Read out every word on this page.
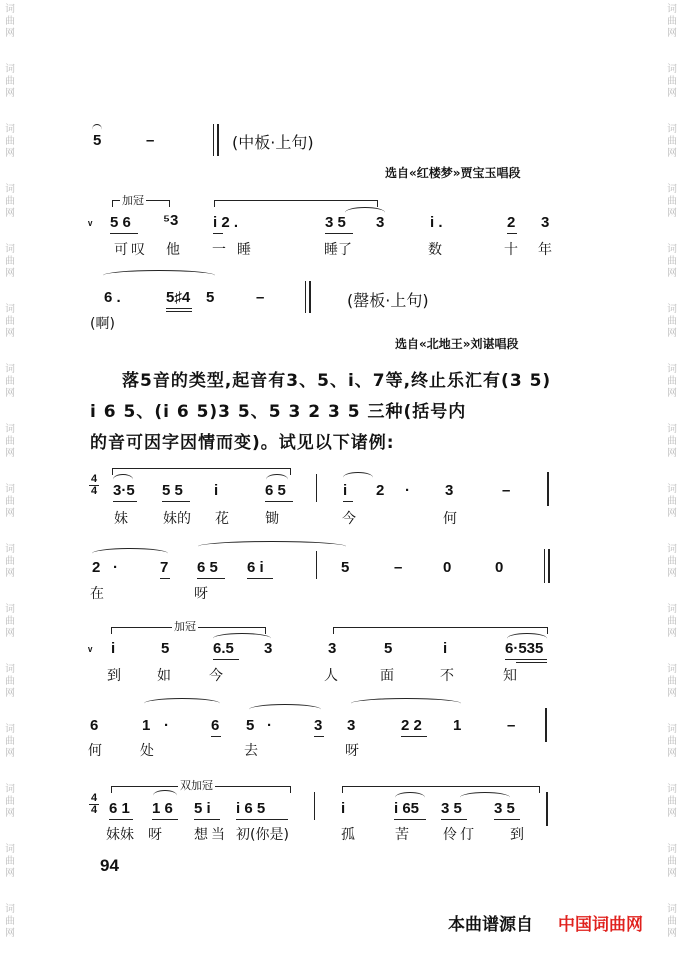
词
曲
网
词
曲
网
词
曲
网
词
曲
网
词
曲
网
词
曲
网
词
曲
网
词
曲
网
词
曲
网
词
曲
网
词
曲
网
词
曲
网
词
曲
网
词
曲
网
词
曲
网
词
曲
网
词
曲
网
词
曲
网
词
曲
网
词
曲
网
词
曲
网
词
曲
网
词
曲
网
词
曲
网
词
曲
网
词
曲
网
词
曲
网
词
曲
网
词
曲
网
词
曲
网
词
曲
网
词
曲
网
5	–	(中板·上句)
选自«红楼梦»贾宝玉唱段
加冠
ᵥ 5 6 ⁵3 i 2 .	3 5 3	i .	2 3
可叹 他 一 睡	睡了	数	十 年
6 .	5♯4 5	–	(罄板·上句)
(啊)
选自«北地王»刘谌唱段
落5音的类型,起音有3、5、i、7等,终止乐汇有(3 5)
i 6 5、(i 6 5)3 5、5 3 2 3 5 三种(括号内
的音可因字因情而变)。试见以下诸例:
4
4 3·5 5 5 i	6 5	i 2 · 3	–
妹	妹的 花	锄	今	何
2 ·	7 6 5 6 i	5	–	0	0
在	呀
加冠
ᵥ i	5	6.5 3	3	5	i	6·535
到	如	今	人	面	不	知
6	1 ·	6 5 ·	3 3	2 2 1	–
何	处	去	呀
4
4
双加冠
6 1 1 6 5 i i 6 5	i	i 65 3 5 3 5
妹妹 呀 想当 初(你是)	孤	苦 伶仃 到
94
本曲谱源自 中国词曲网
